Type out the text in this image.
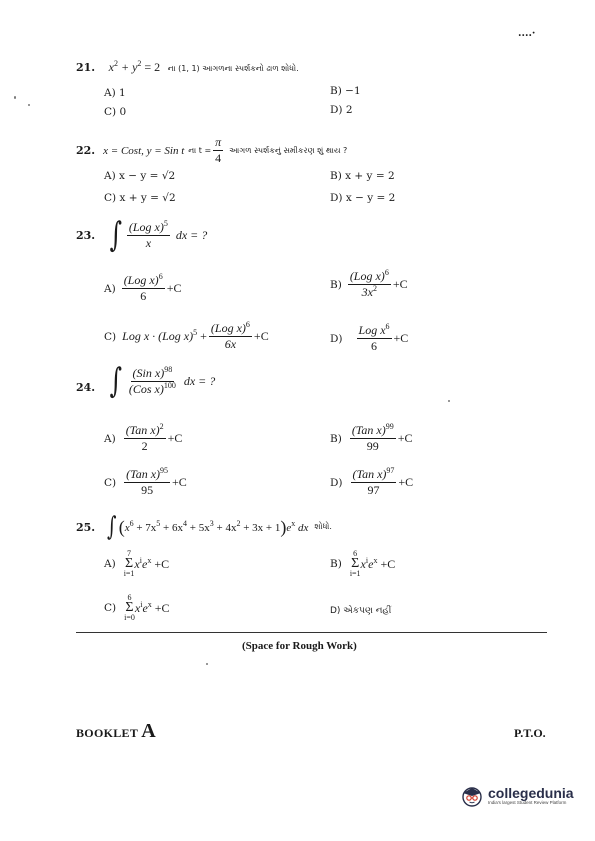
....·
21. $x^2 + y^2 = 2$ ના (1, 1) આગળના સ્પર્શકનો ઢાળ શોધો.
A) 1	B) −1
C) 0	D) 2
22. x = Cost, y = Sin t ના $t = \frac{\pi}{4}$ આગળ સ્પર્શકનું સમીકરણ શું થાય ?
A) x − y = √2	B) x + y = 2
C) x + y = √2	D) x − y = 2
23. ∫ $\frac{(Log x)^5}{x}$ dx = ?
$A) \frac{(Log x)^6}{6} +C$	$B) \frac{(Log x)^6}{3x^2} +C$
C) Log x · (Log $x)^5 + \frac{(Log x)^6}{6x} +C$	$D) \frac{Log x^6}{6} +C$
24. ∫ $\frac{(Sin x)^{98}}{(Cos x)^{100}}$ dx = ?
$A) \frac{(Tan x)^2}{2} +C$	$B) \frac{(Tan x)^{99}}{99} +C$
$C) \frac{(Tan x)^{95}}{95} +C$	$D) \frac{(Tan x)^{97}}{97} +C$
25. ∫ $(x^6 + 7x^5 + 6x^4 + 5x^3 + 4x^2 + 3x + 1)e^x$ dx શોધો.
A)
7
Σ
i=1
$x^ie^x +C$	B)
6
Σ
i=1
$x^ie^x +C$
C)
6
Σ
i=0
$x^ie^x +C$	D) એકપણ નહીં
(Space for Rough Work)
BOOKLET A	P.T.O.
collegedunia
India's largest Student Review Platform
